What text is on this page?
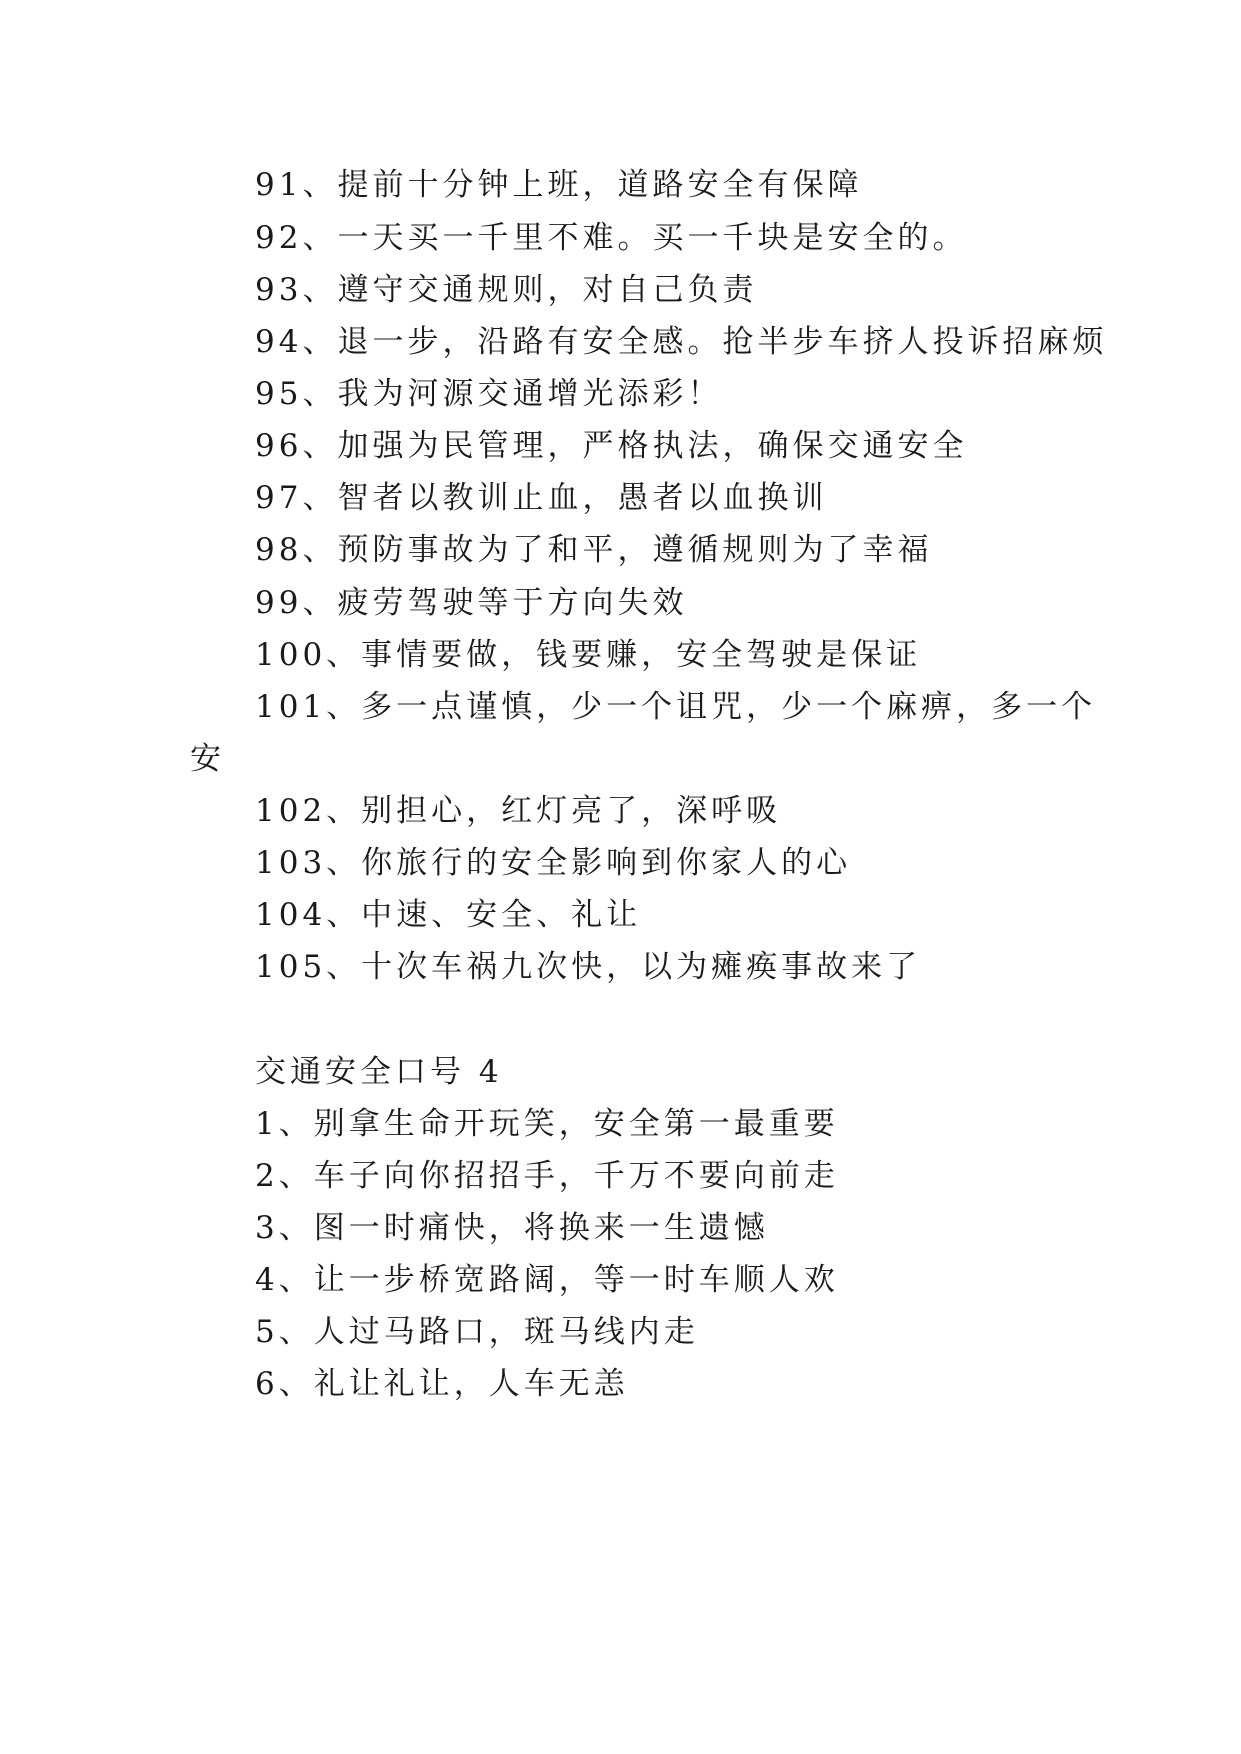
91、提前十分钟上班，道路安全有保障
92、一天买一千里不难。买一千块是安全的。
93、遵守交通规则，对自己负责
94、退一步，沿路有安全感。抢半步车挤人投诉招麻烦
95、我为河源交通增光添彩！
96、加强为民管理，严格执法，确保交通安全
97、智者以教训止血，愚者以血换训
98、预防事故为了和平，遵循规则为了幸福
99、疲劳驾驶等于方向失效
100、事情要做，钱要赚，安全驾驶是保证
101、多一点谨慎，少一个诅咒，少一个麻痹，多一个
安
102、别担心，红灯亮了，深呼吸
103、你旅行的安全影响到你家人的心
104、中速、安全、礼让
105、十次车祸九次快，以为瘫痪事故来了
交通安全口号 4
1、别拿生命开玩笑，安全第一最重要
2、车子向你招招手，千万不要向前走
3、图一时痛快，将换来一生遗憾
4、让一步桥宽路阔，等一时车顺人欢
5、人过马路口，斑马线内走
6、礼让礼让，人车无恙
